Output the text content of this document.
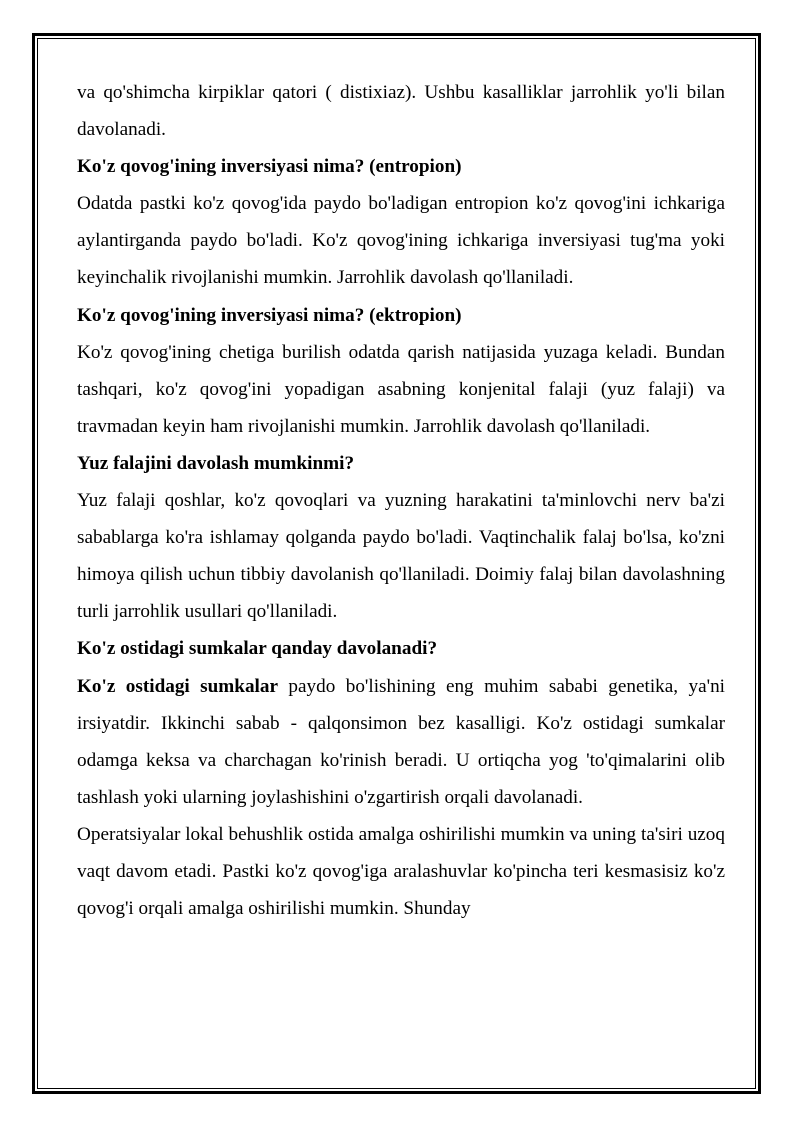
va qo'shimcha kirpiklar qatori ( distixiaz). Ushbu kasalliklar jarrohlik yo'li bilan davolanadi.

Ko'z qovog'ining inversiyasi nima? (entropion)

Odatda pastki ko'z qovog'ida paydo bo'ladigan entropion ko'z qovog'ini ichkariga aylantirganda paydo bo'ladi. Ko'z qovog'ining ichkariga inversiyasi tug'ma yoki keyinchalik rivojlanishi mumkin. Jarrohlik davolash qo'llaniladi.

Ko'z qovog'ining inversiyasi nima? (ektropion)

Ko'z qovog'ining chetiga burilish odatda qarish natijasida yuzaga keladi. Bundan tashqari, ko'z qovog'ini yopadigan asabning konjenital falaji (yuz falaji) va travmadan keyin ham rivojlanishi mumkin. Jarrohlik davolash qo'llaniladi.

Yuz falajini davolash mumkinmi?

Yuz falaji qoshlar, ko'z qovoqlari va yuzning harakatini ta'minlovchi nerv ba'zi sabablarga ko'ra ishlamay qolganda paydo bo'ladi. Vaqtinchalik falaj bo'lsa, ko'zni himoya qilish uchun tibbiy davolanish qo'llaniladi. Doimiy falaj bilan davolashning turli jarrohlik usullari qo'llaniladi.

Ko'z ostidagi sumkalar qanday davolanadi?

Ko'z ostidagi sumkalar paydo bo'lishining eng muhim sababi genetika, ya'ni irsiyatdir. Ikkinchi sabab - qalqonsimon bez kasalligi. Ko'z ostidagi sumkalar odamga keksa va charchagan ko'rinish beradi. U ortiqcha yog 'to'qimalarini olib tashlash yoki ularning joylashishini o'zgartirish orqali davolanadi.

Operatsiyalar lokal behushlik ostida amalga oshirilishi mumkin va uning ta'siri uzoq vaqt davom etadi. Pastki ko'z qovog'iga aralashuvlar ko'pincha teri kesmasisiz ko'z qovog'i orqali amalga oshirilishi mumkin. Shunday
